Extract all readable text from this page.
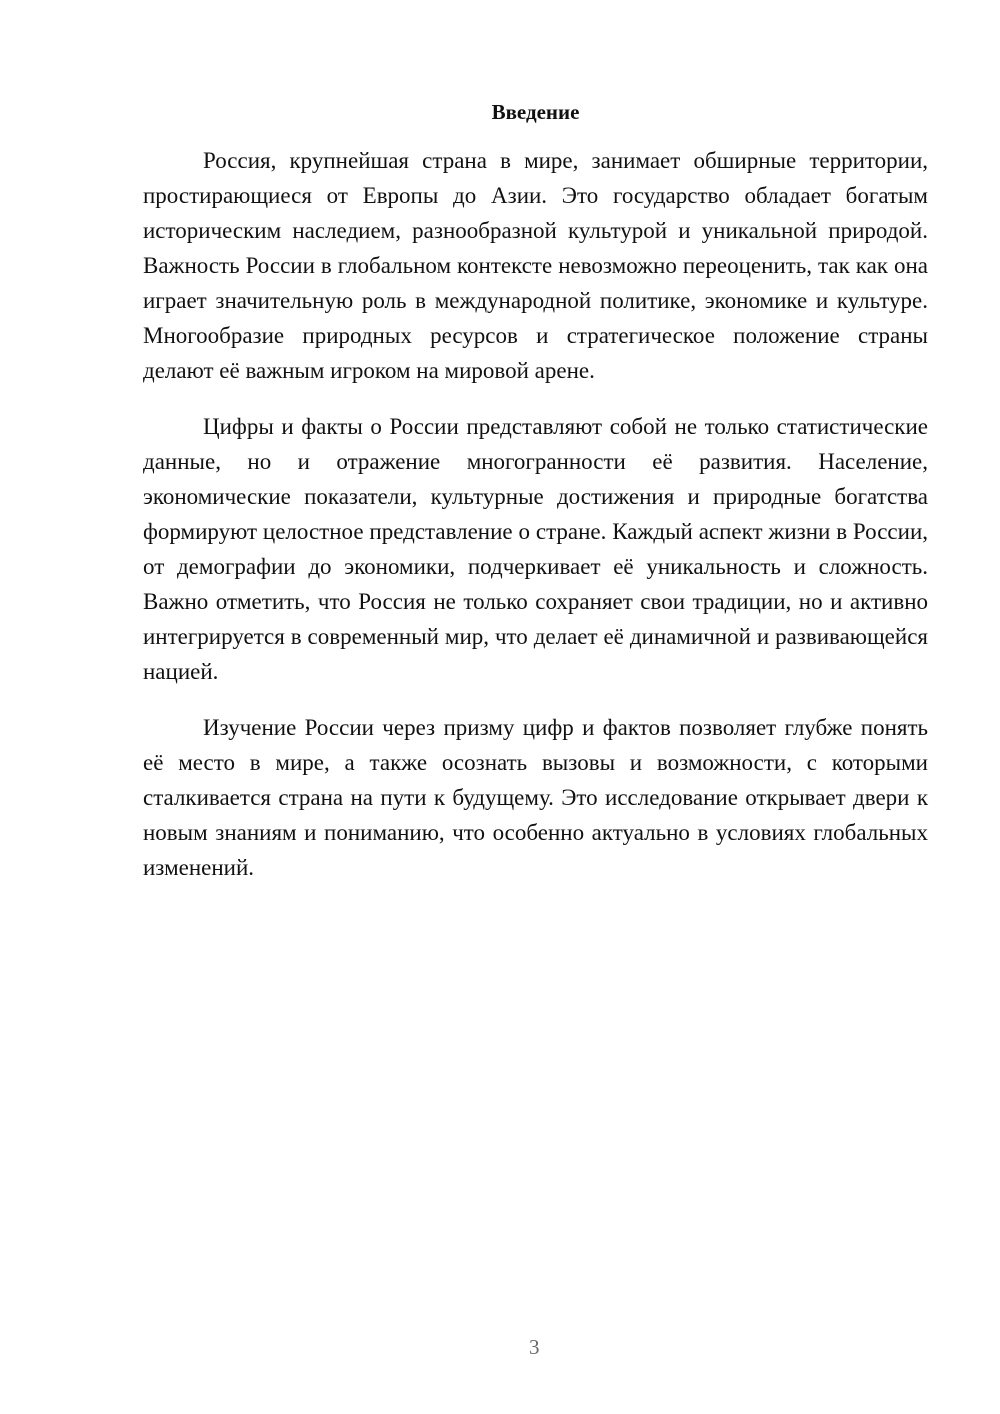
Введение

Россия, крупнейшая страна в мире, занимает обширные территории, простирающиеся от Европы до Азии. Это государство обладает богатым историческим наследием, разнообразной культурой и уникальной природой. Важность России в глобальном контексте невозможно переоценить, так как она играет значительную роль в международной политике, экономике и культуре. Многообразие природных ресурсов и стратегическое положение страны делают её важным игроком на мировой арене.

Цифры и факты о России представляют собой не только статистические данные, но и отражение многогранности её развития. Население, экономические показатели, культурные достижения и природные богатства формируют целостное представление о стране. Каждый аспект жизни в России, от демографии до экономики, подчеркивает её уникальность и сложность. Важно отметить, что Россия не только сохраняет свои традиции, но и активно интегрируется в современный мир, что делает её динамичной и развивающейся нацией.

Изучение России через призму цифр и фактов позволяет глубже понять её место в мире, а также осознать вызовы и возможности, с которыми сталкивается страна на пути к будущему. Это исследование открывает двери к новым знаниям и пониманию, что особенно актуально в условиях глобальных изменений.

3
